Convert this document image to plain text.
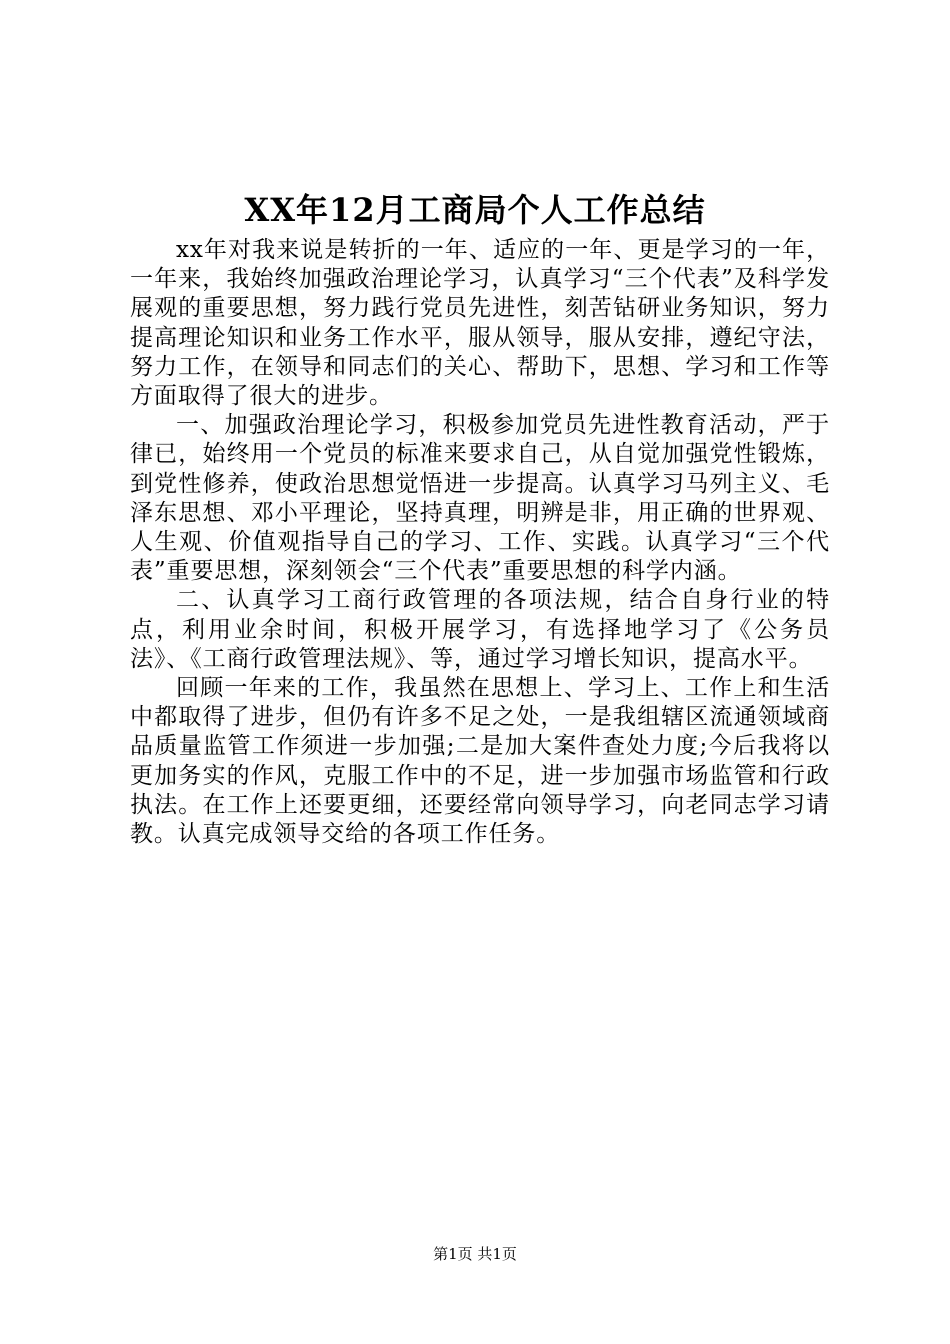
XX年12月工商局个人工作总结

xx年对我来说是转折的一年、适应的一年、更是学习的一年，一年来，我始终加强政治理论学习，认真学习“三个代表”及科学发展观的重要思想，努力践行党员先进性，刻苦钻研业务知识，努力提高理论知识和业务工作水平，服从领导，服从安排，遵纪守法，努力工作，在领导和同志们的关心、帮助下，思想、学习和工作等方面取得了很大的进步。

一、加强政治理论学习，积极参加党员先进性教育活动，严于律已，始终用一个党员的标准来要求自己，从自觉加强党性锻炼，到党性修养，使政治思想觉悟进一步提高。认真学习马列主义、毛泽东思想、邓小平理论，坚持真理，明辨是非，用正确的世界观、人生观、价值观指导自己的学习、工作、实践。认真学习“三个代表”重要思想，深刻领会“三个代表”重要思想的科学内涵。

二、认真学习工商行政管理的各项法规，结合自身行业的特点，利用业余时间，积极开展学习，有选择地学习了《公务员法》、《工商行政管理法规》、等，通过学习增长知识，提高水平。

回顾一年来的工作，我虽然在思想上、学习上、工作上和生活中都取得了进步，但仍有许多不足之处，一是我组辖区流通领域商品质量监管工作须进一步加强;二是加大案件查处力度;今后我将以更加务实的作风，克服工作中的不足，进一步加强市场监管和行政执法。在工作上还要更细，还要经常向领导学习，向老同志学习请教。认真完成领导交给的各项工作任务。

第1页 共1页
